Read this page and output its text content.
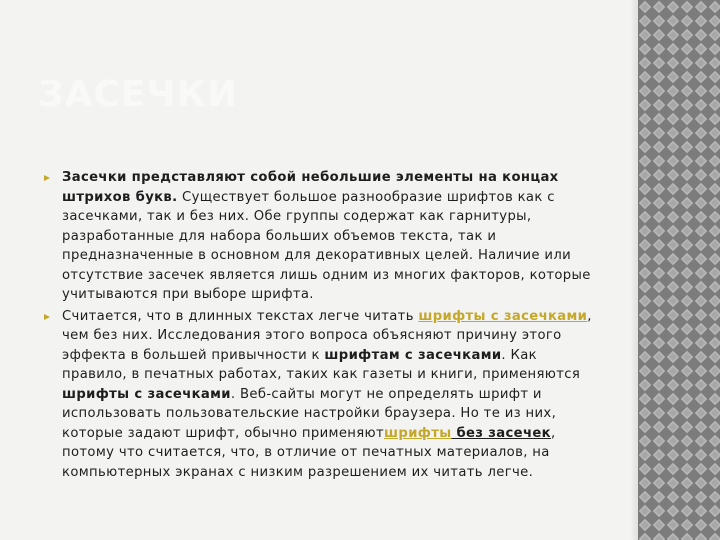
ЗАСЕЧКИ

Засечки представляют собой небольшие элементы на концах штрихов букв. Существует большое разнообразие шрифтов как с засечками, так и без них. Обе группы содержат как гарнитуры, разработанные для набора больших объемов текста, так и предназначенные в основном для декоративных целей. Наличие или отсутствие засечек является лишь одним из многих факторов, которые учитываются при выборе шрифта.

Считается, что в длинных текстах легче читать шрифты с засечками, чем без них. Исследования этого вопроса объясняют причину этого эффекта в большей привычности к шрифтам с засечками. Как правило, в печатных работах, таких как газеты и книги, применяются шрифты с засечками. Веб-сайты могут не определять шрифт и использовать пользовательские настройки браузера. Но те из них, которые задают шрифт, обычно применяютшрифты без засечек, потому что считается, что, в отличие от печатных материалов, на компьютерных экранах с низким разрешением их читать легче.
